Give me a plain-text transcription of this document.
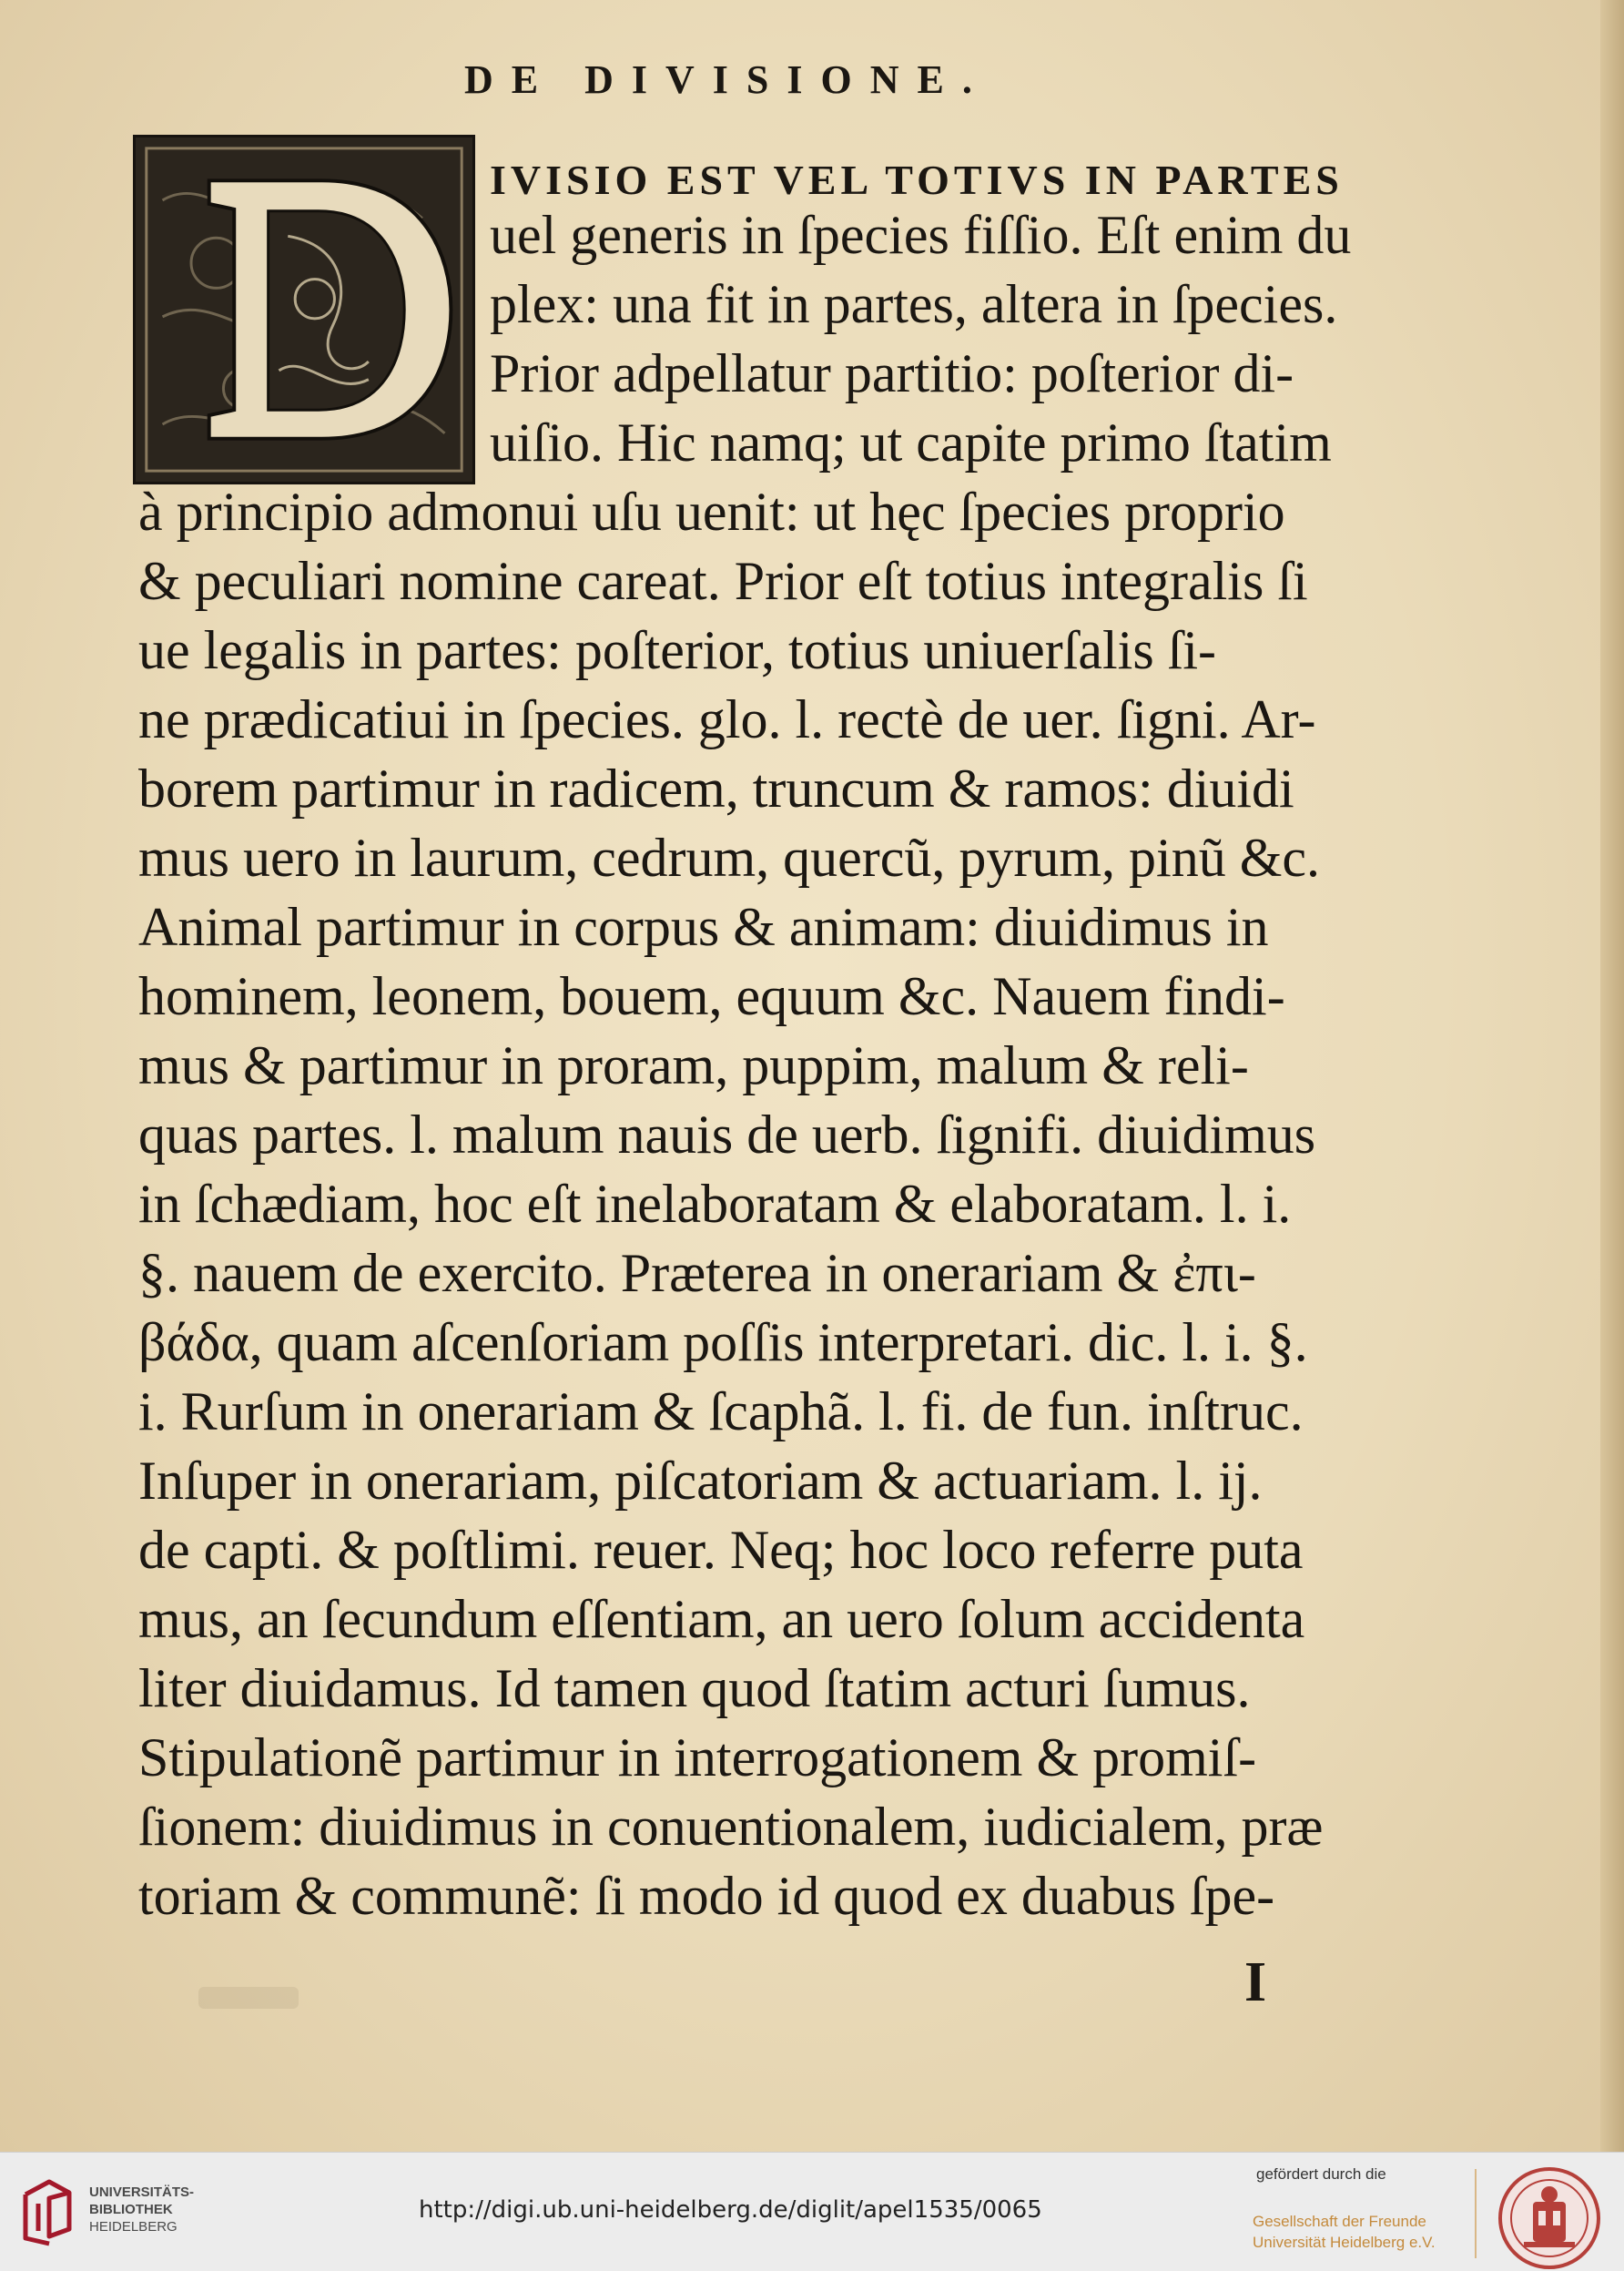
DE DIVISIONE.
IVISIO EST VEL TOTIVS IN PARTES
uel generis in ſpecies fiſſio. Eſt enim du
plex: una fit in partes, altera in ſpecies.
Prior adpellatur partitio: poſterior di-
uiſio. Hic namq; ut capite primo ſtatim
à principio admonui uſu uenit: ut hęc ſpecies proprio
& peculiari nomine careat. Prior eſt totius integralis ſi
ue legalis in partes: poſterior, totius uniuerſalis ſi-
ne prædicatiui in ſpecies. glo. l. rectè de uer. ſigni. Ar-
borem partimur in radicem, truncum & ramos: diuidi
mus uero in laurum, cedrum, quercũ, pyrum, pinũ &c.
Animal partimur in corpus & animam: diuidimus in
hominem, leonem, bouem, equum &c. Nauem findi-
mus & partimur in proram, puppim, malum & reli-
quas partes. l. malum nauis de uerb. ſignifi. diuidimus
in ſchædiam, hoc eſt inelaboratam & elaboratam. l. i.
§. nauem de exercito. Præterea in onerariam & ἐπι-
βάδα, quam aſcenſoriam poſſis interpretari. dic. l. i. §.
i. Rurſum in onerariam & ſcaphã. l. fi. de fun. inſtruc.
Inſuper in onerariam, piſcatoriam & actuariam. l. ij.
de capti. & poſtlimi. reuer. Neq; hoc loco referre puta
mus, an ſecundum eſſentiam, an uero ſolum accidenta
liter diuidamus. Id tamen quod ſtatim acturi ſumus.
Stipulationẽ partimur in interrogationem & promiſ-
ſionem: diuidimus in conuentionalem, iudicialem, præ
toriam & communẽ: ſi modo id quod ex duabus ſpe-
I
UNIVERSITÄTS-
BIBLIOTHEK
HEIDELBERG
http://digi.ub.uni-heidelberg.de/diglit/apel1535/0065
gefördert durch die
Gesellschaft der Freunde
Universität Heidelberg e.V.
